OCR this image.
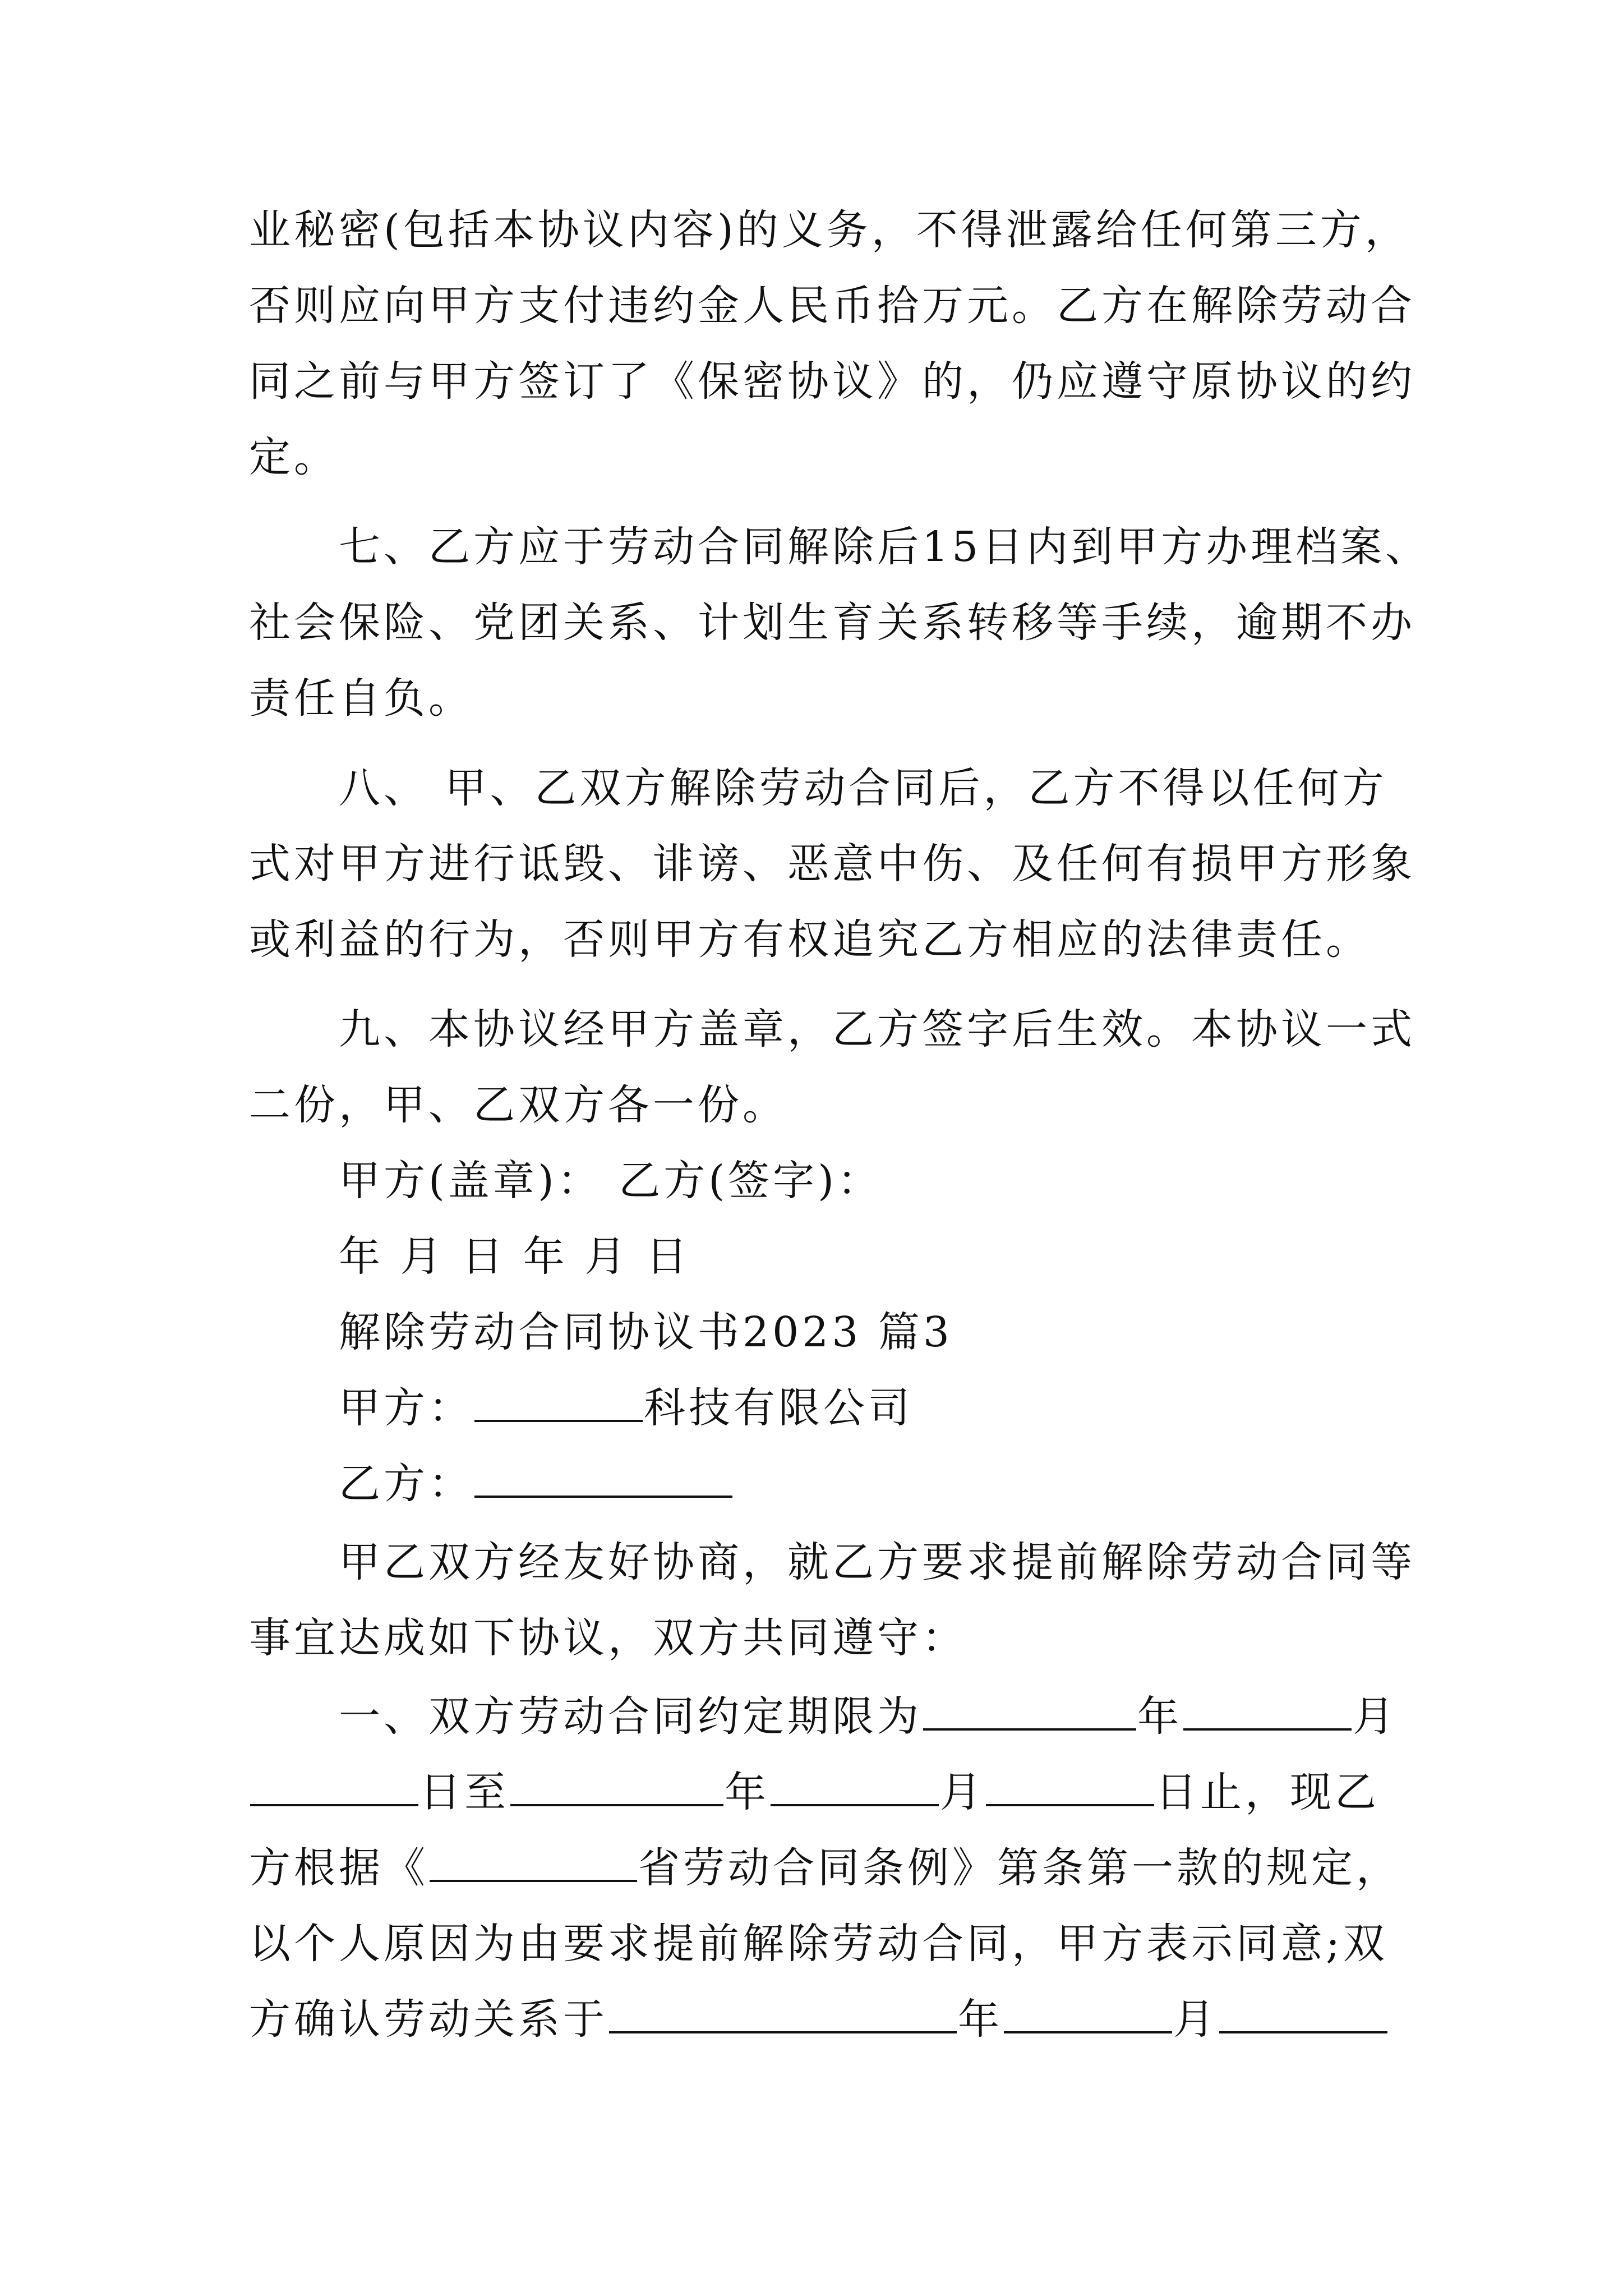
业秘密(包括本协议内容)的义务，不得泄露给任何第三方，
否则应向甲方支付违约金人民币拾万元。乙方在解除劳动合
同之前与甲方签订了《保密协议》的，仍应遵守原协议的约
定。
七、乙方应于劳动合同解除后15日内到甲方办理档案、
社会保险、党团关系、计划生育关系转移等手续，逾期不办
责任自负。
八、 甲、乙双方解除劳动合同后，乙方不得以任何方
式对甲方进行诋毁、诽谤、恶意中伤、及任何有损甲方形象
或利益的行为，否则甲方有权追究乙方相应的法律责任。
九、本协议经甲方盖章，乙方签字后生效。本协议一式
二份，甲、乙双方各一份。
甲方(盖章)： 乙方(签字)：
年 月 日 年 月 日
解除劳动合同协议书2023 篇3
甲方：	科技有限公司
乙方：
甲乙双方经友好协商，就乙方要求提前解除劳动合同等
事宜达成如下协议，双方共同遵守：
一、双方劳动合同约定期限为	年	月
日至	年	月	日止，现乙
方根据《	省劳动合同条例》第条第一款的规定，
以个人原因为由要求提前解除劳动合同，甲方表示同意;双
方确认劳动关系于	年	月
